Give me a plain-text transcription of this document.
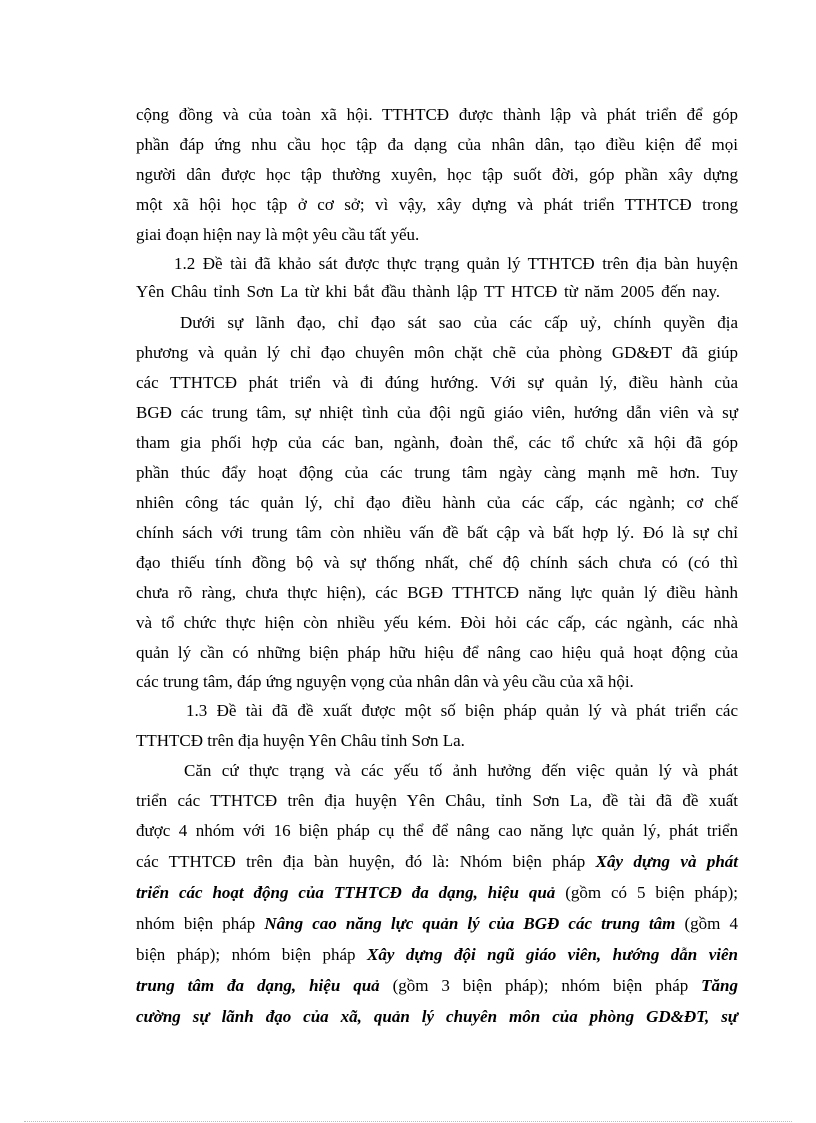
cộng đồng và của toàn xã hội. TTHTCĐ được thành lập và phát triển để góp
phần đáp ứng nhu cầu học tập đa dạng của nhân dân, tạo điều kiện để mọi
người dân được học tập thường xuyên, học tập suốt đời, góp phần xây dựng
một xã hội học tập ở cơ sở; vì vậy, xây dựng và phát triển TTHTCĐ trong
giai đoạn hiện nay là một yêu cầu tất yếu.
1.2 Đề tài đã khảo sát được thực trạng quản lý TTHTCĐ trên địa bàn huyện
Yên Châu tỉnh Sơn La từ khi bắt đầu thành lập TT HTCĐ từ năm 2005 đến nay.
Dưới sự lãnh đạo, chỉ đạo sát sao của các cấp uỷ, chính quyền địa
phương và quản lý chỉ đạo chuyên môn chặt chẽ của phòng GD&ĐT đã giúp
các TTHTCĐ phát triển và đi đúng hướng. Với sự quản lý, điều hành của
BGĐ các trung tâm, sự nhiệt tình của đội ngũ giáo viên, hướng dẫn viên và sự
tham gia phối hợp của các ban, ngành, đoàn thể, các tổ chức xã hội đã góp
phần thúc đẩy hoạt động của các trung tâm ngày càng mạnh mẽ hơn. Tuy
nhiên công tác quản lý, chỉ đạo điều hành của các cấp, các ngành; cơ chế
chính sách với trung tâm còn nhiều vấn đề bất cập và bất hợp lý. Đó là sự chỉ
đạo thiếu tính đồng bộ và sự thống nhất, chế độ chính sách chưa có (có thì
chưa rõ ràng, chưa thực hiện), các BGĐ TTHTCĐ năng lực quản lý điều hành
và tổ chức thực hiện còn nhiều yếu kém. Đòi hỏi các cấp, các ngành, các nhà
quản lý cần có những biện pháp hữu hiệu để nâng cao hiệu quả hoạt động của
các trung tâm, đáp ứng nguyện vọng của nhân dân và yêu cầu của xã hội.
1.3 Đề tài đã đề xuất được một số biện pháp quản lý và phát triển các
TTHTCĐ trên địa huyện Yên Châu tỉnh Sơn La.
Căn cứ thực trạng và các yếu tố ảnh hưởng đến việc quản lý và phát
triển các TTHTCĐ trên địa huyện Yên Châu, tỉnh Sơn La, đề tài đã đề xuất
được 4 nhóm với 16 biện pháp cụ thể để nâng cao năng lực quản lý, phát triển
các TTHTCĐ trên địa bàn huyện, đó là: Nhóm biện pháp Xây dựng và phát
triển các hoạt động của TTHTCĐ đa dạng, hiệu quả (gồm có 5 biện pháp);
nhóm biện pháp Nâng cao năng lực quản lý của BGĐ các trung tâm (gồm 4
biện pháp); nhóm biện pháp Xây dựng đội ngũ giáo viên, hướng dẫn viên
trung tâm đa dạng, hiệu quả (gồm 3 biện pháp); nhóm biện pháp Tăng
cường sự lãnh đạo của xã, quản lý chuyên môn của phòng GD&ĐT, sự
